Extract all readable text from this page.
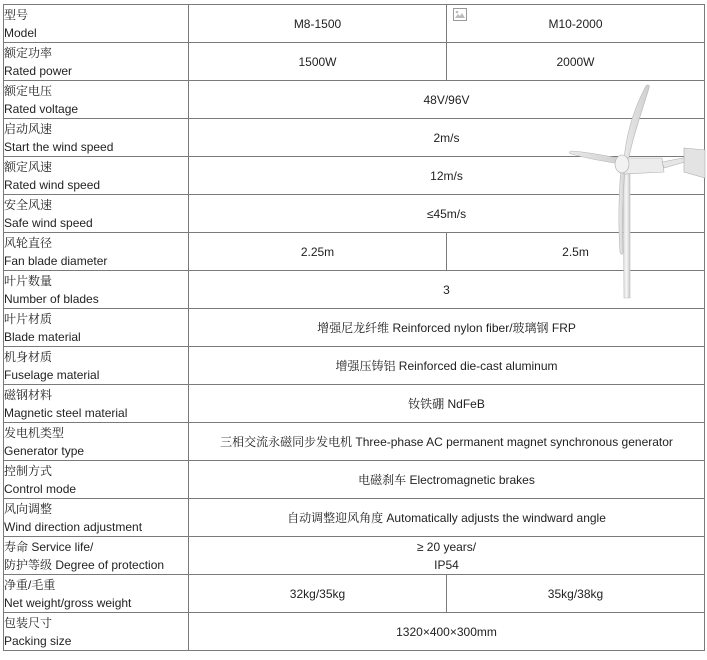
型号
Model	M8-1500	M10-2000

额定功率
Rated power	1500W	2000W

额定电压
Rated voltage	48V/96V	

启动风速
Start the wind speed	2m/s	

额定风速
Rated wind speed	12m/s	

安全风速
Safe wind speed	≤45m/s	

风轮直径
Fan blade diameter	2.25m	2.5m

叶片数量
Number of blades	3	

叶片材质
Blade material	增强尼龙纤维 Reinforced nylon fiber/玻璃钢 FRP	

机身材质
Fuselage material	增强压铸铝 Reinforced die-cast aluminum	

磁钢材料
Magnetic steel material	钕铁硼 NdFeB	

发电机类型
Generator type	三相交流永磁同步发电机 Three-phase AC permanent magnet synchronous generator	

控制方式
Control mode	电磁刹车 Electromagnetic brakes	

风向调整
Wind direction adjustment	自动调整迎风角度 Automatically adjusts the windward angle	

寿命 Service life/
防护等级 Degree of protection	≥ 20 years/
IP54	

净重/毛重
Net weight/gross weight	32kg/35kg	35kg/38kg

包装尺寸
Packing size	1320×400×300mm	
